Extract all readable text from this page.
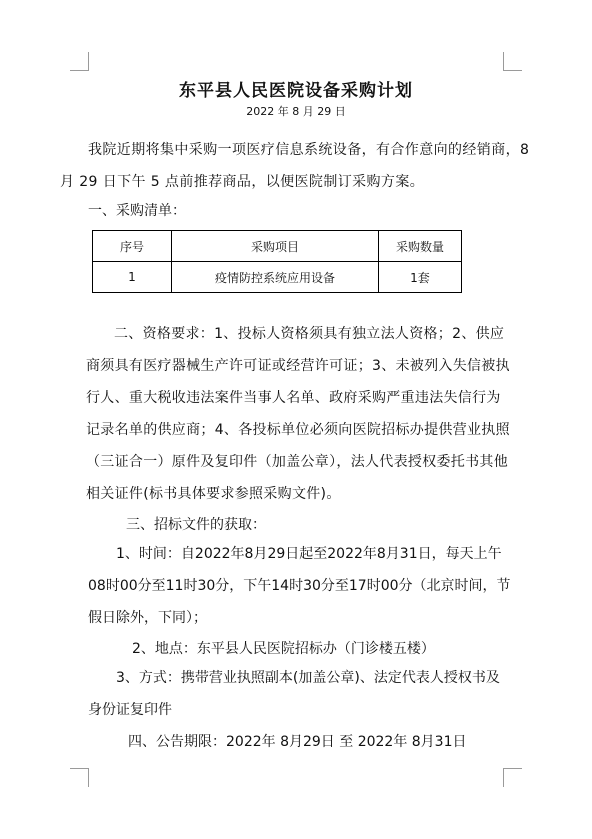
东平县人民医院设备采购计划
2022 年 8 月 29 日

我院近期将集中采购一项医疗信息系统设备，有合作意向的经销商，8 月 29 日下午 5 点前推荐商品，以便医院制订采购方案。

一、采购清单：
序号	采购项目	采购数量
1	疫情防控系统应用设备	1套

二、资格要求：1、投标人资格须具有独立法人资格；2、供应商须具有医疗器械生产许可证或经营许可证；3、未被列入失信被执行人、重大税收违法案件当事人名单、政府采购严重违法失信行为记录名单的供应商；4、各投标单位必须向医院招标办提供营业执照（三证合一）原件及复印件（加盖公章），法人代表授权委托书其他相关证件(标书具体要求参照采购文件)。

三、招标文件的获取：

1、时间：自2022年8月29日起至2022年8月31日，每天上午08时00分至11时30分，下午14时30分至17时00分（北京时间，节假日除外，下同）；

2、地点：东平县人民医院招标办（门诊楼五楼）

3、方式：携带营业执照副本(加盖公章)、法定代表人授权书及身份证复印件

四、公告期限：2022年 8月29日 至 2022年 8月31日
